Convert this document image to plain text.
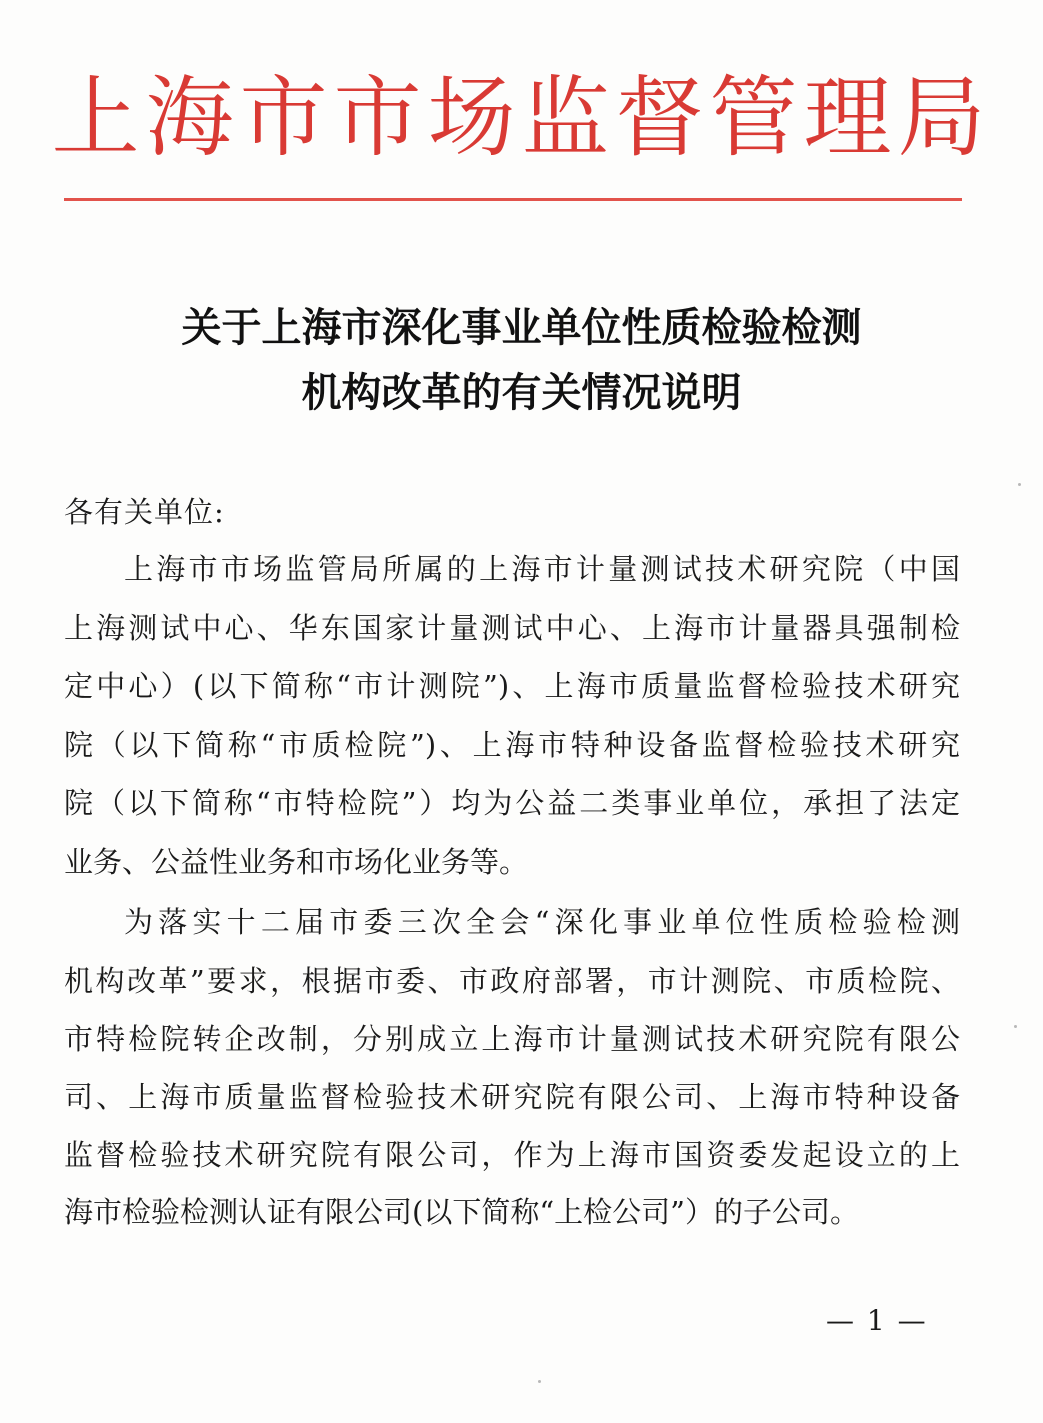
上海市市场监督管理局
关于上海市深化事业单位性质检验检测
机构改革的有关情况说明
各有关单位:
上海市市场监管局所属的上海市计量测试技术研究院（中国
上海测试中心、华东国家计量测试中心、上海市计量器具强制检
定中心）(以下简称“市计测院”)、上海市质量监督检验技术研究
院（以下简称“市质检院”)、上海市特种设备监督检验技术研究
院（以下简称“市特检院”）均为公益二类事业单位，承担了法定
业务、公益性业务和市场化业务等。
为落实十二届市委三次全会“深化事业单位性质检验检测
机构改革”要求，根据市委、市政府部署，市计测院、市质检院、
市特检院转企改制，分别成立上海市计量测试技术研究院有限公
司、上海市质量监督检验技术研究院有限公司、上海市特种设备
监督检验技术研究院有限公司，作为上海市国资委发起设立的上
海市检验检测认证有限公司(以下简称“上检公司”）的子公司。
— 1 —
